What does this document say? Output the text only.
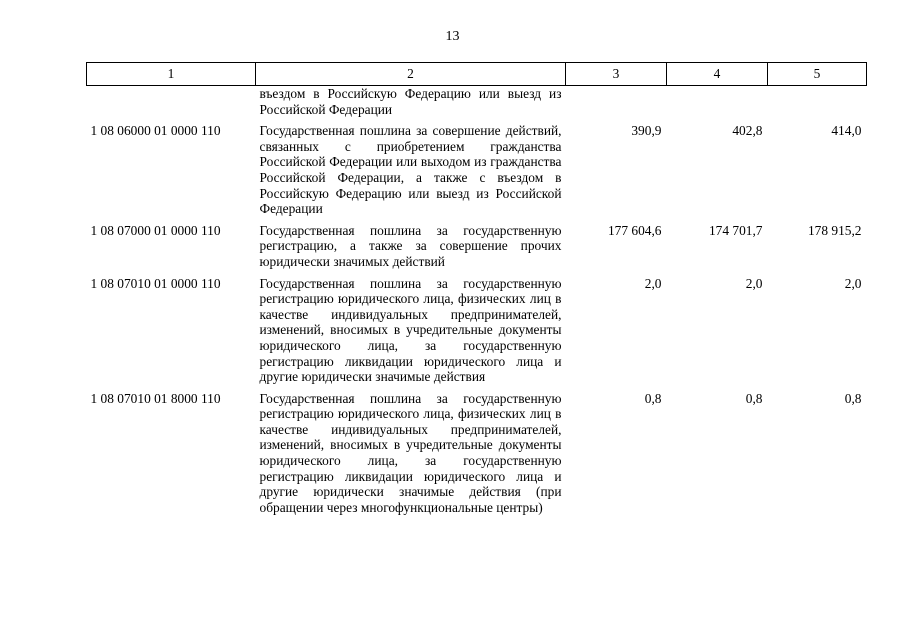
13
1	2	3	4	5
	въездом в Российскую Федерацию или выезд из Российской Федерации			
1 08 06000 01 0000 110	Государственная пошлина за совершение действий, связанных с приобретением гражданства Российской Федерации или выходом из гражданства Российской Федерации, а также с въездом в Российскую Федерацию или выезд из Российской Федерации	390,9	402,8	414,0
1 08 07000 01 0000 110	Государственная пошлина за государственную регистрацию, а также за совершение прочих юридически значимых действий	177 604,6	174 701,7	178 915,2
1 08 07010 01 0000 110	Государственная пошлина за государственную регистрацию юридического лица, физических лиц в качестве индивидуальных предпринимателей, изменений, вносимых в учредительные документы юридического лица, за государственную регистрацию ликвидации юридического лица и другие юридически значимые действия	2,0	2,0	2,0
1 08 07010 01 8000 110	Государственная пошлина за государственную регистрацию юридического лица, физических лиц в качестве индивидуальных предпринимателей, изменений, вносимых в учредительные документы юридического лица, за государственную регистрацию ликвидации юридического лица и другие юридически значимые действия (при обращении через многофункциональные центры)	0,8	0,8	0,8
